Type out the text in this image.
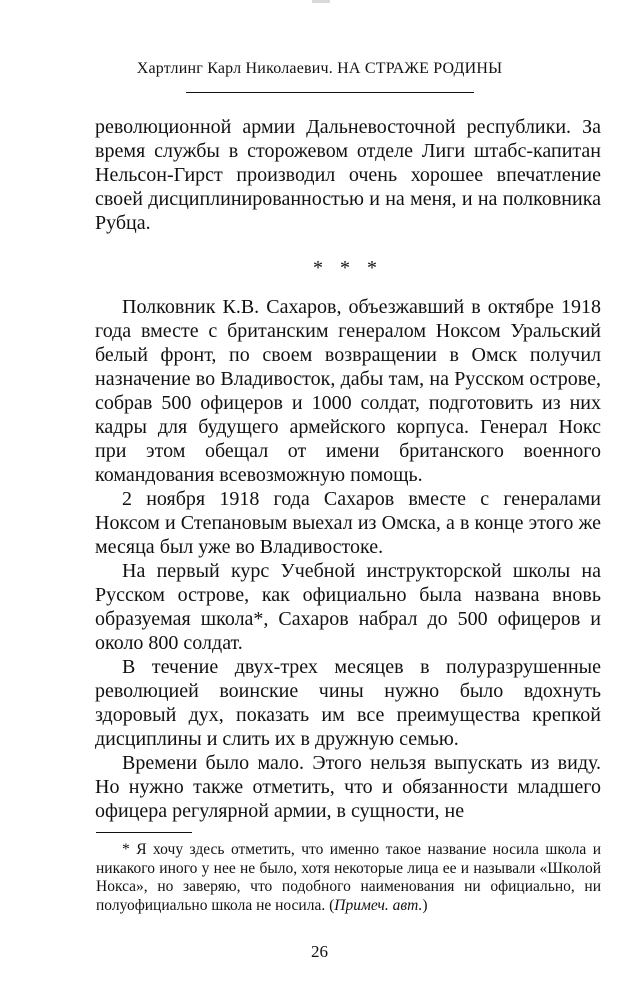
Хартлинг Карл Николаевич. НА СТРАЖЕ РОДИНЫ

революционной армии Дальневосточной республики. За время службы в сторожевом отделе Лиги штабс-капитан Нельсон-Гирст производил очень хорошее впечатление своей дисциплинированностью и на меня, и на полковника Рубца.

* * *

Полковник К.В. Сахаров, объезжавший в октябре 1918 года вместе с британским генералом Ноксом Уральский белый фронт, по своем возвращении в Омск получил назначение во Владивосток, дабы там, на Русском острове, собрав 500 офицеров и 1000 солдат, подготовить из них кадры для будущего армейского корпуса. Генерал Нокс при этом обещал от имени британского военного командования всевозможную помощь.

2 ноября 1918 года Сахаров вместе с генералами Ноксом и Степановым выехал из Омска, а в конце этого же месяца был уже во Владивостоке.

На первый курс Учебной инструкторской школы на Русском острове, как официально была названа вновь образуемая школа*, Сахаров набрал до 500 офицеров и около 800 солдат.

В течение двух-трех месяцев в полуразрушенные революцией воинские чины нужно было вдохнуть здоровый дух, показать им все преимущества крепкой дисциплины и слить их в дружную семью.

Времени было мало. Этого нельзя выпускать из виду. Но нужно также отметить, что и обязанности младшего офицера регулярной армии, в сущности, не

* Я хочу здесь отметить, что именно такое название носила школа и никакого иного у нее не было, хотя некоторые лица ее и называли «Школой Нокса», но заверяю, что подобного наименования ни официально, ни полуофициально школа не носила. (Примеч. авт.)

26
